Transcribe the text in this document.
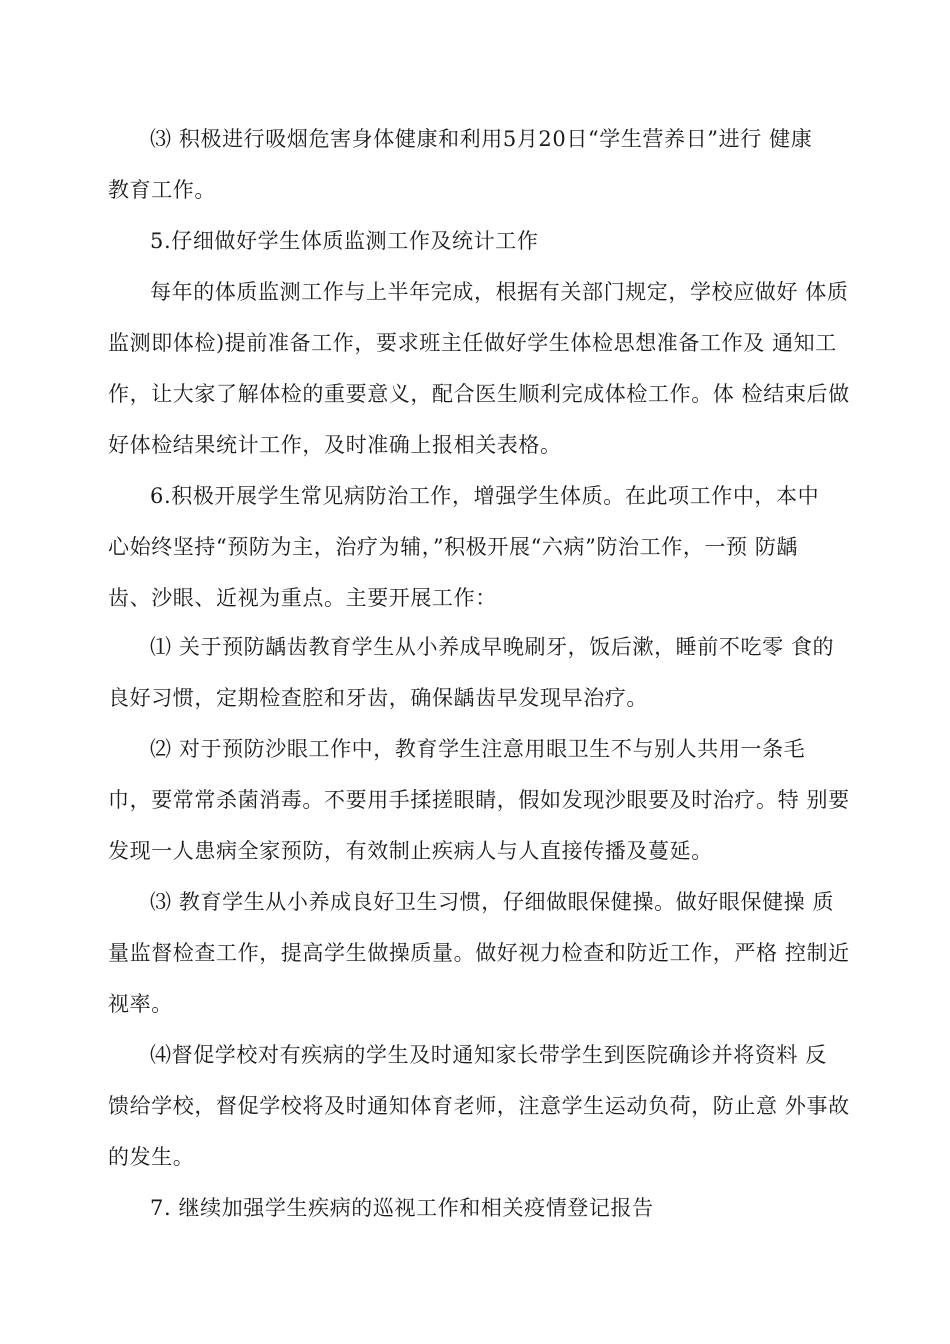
⑶ 积极进行吸烟危害身体健康和利用5月20日“学生营养日”进行 健康
教育工作。
5.仔细做好学生体质监测工作及统计工作
每年的体质监测工作与上半年完成，根据有关部门规定，学校应做好 体质
监测即体检)提前准备工作，要求班主任做好学生体检思想准备工作及 通知工
作，让大家了解体检的重要意义，配合医生顺利完成体检工作。体 检结束后做
好体检结果统计工作，及时准确上报相关表格。
6.积极开展学生常见病防治工作，增强学生体质。在此项工作中，本中
心始终坚持“预防为主，治疗为辅，”积极开展“六病”防治工作，一预 防龋
齿、沙眼、近视为重点。主要开展工作：
⑴ 关于预防龋齿教育学生从小养成早晚刷牙，饭后漱，睡前不吃零 食的
良好习惯，定期检查腔和牙齿，确保龋齿早发现早治疗。
⑵ 对于预防沙眼工作中，教育学生注意用眼卫生不与别人共用一条毛
巾，要常常杀菌消毒。不要用手揉搓眼睛，假如发现沙眼要及时治疗。特 别要
发现一人患病全家预防，有效制止疾病人与人直接传播及蔓延。
⑶ 教育学生从小养成良好卫生习惯，仔细做眼保健操。做好眼保健操 质
量监督检查工作，提高学生做操质量。做好视力检查和防近工作，严格 控制近
视率。
⑷督促学校对有疾病的学生及时通知家长带学生到医院确诊并将资料 反
馈给学校，督促学校将及时通知体育老师，注意学生运动负荷，防止意 外事故
的发生。
7. 继续加强学生疾病的巡视工作和相关疫情登记报告
